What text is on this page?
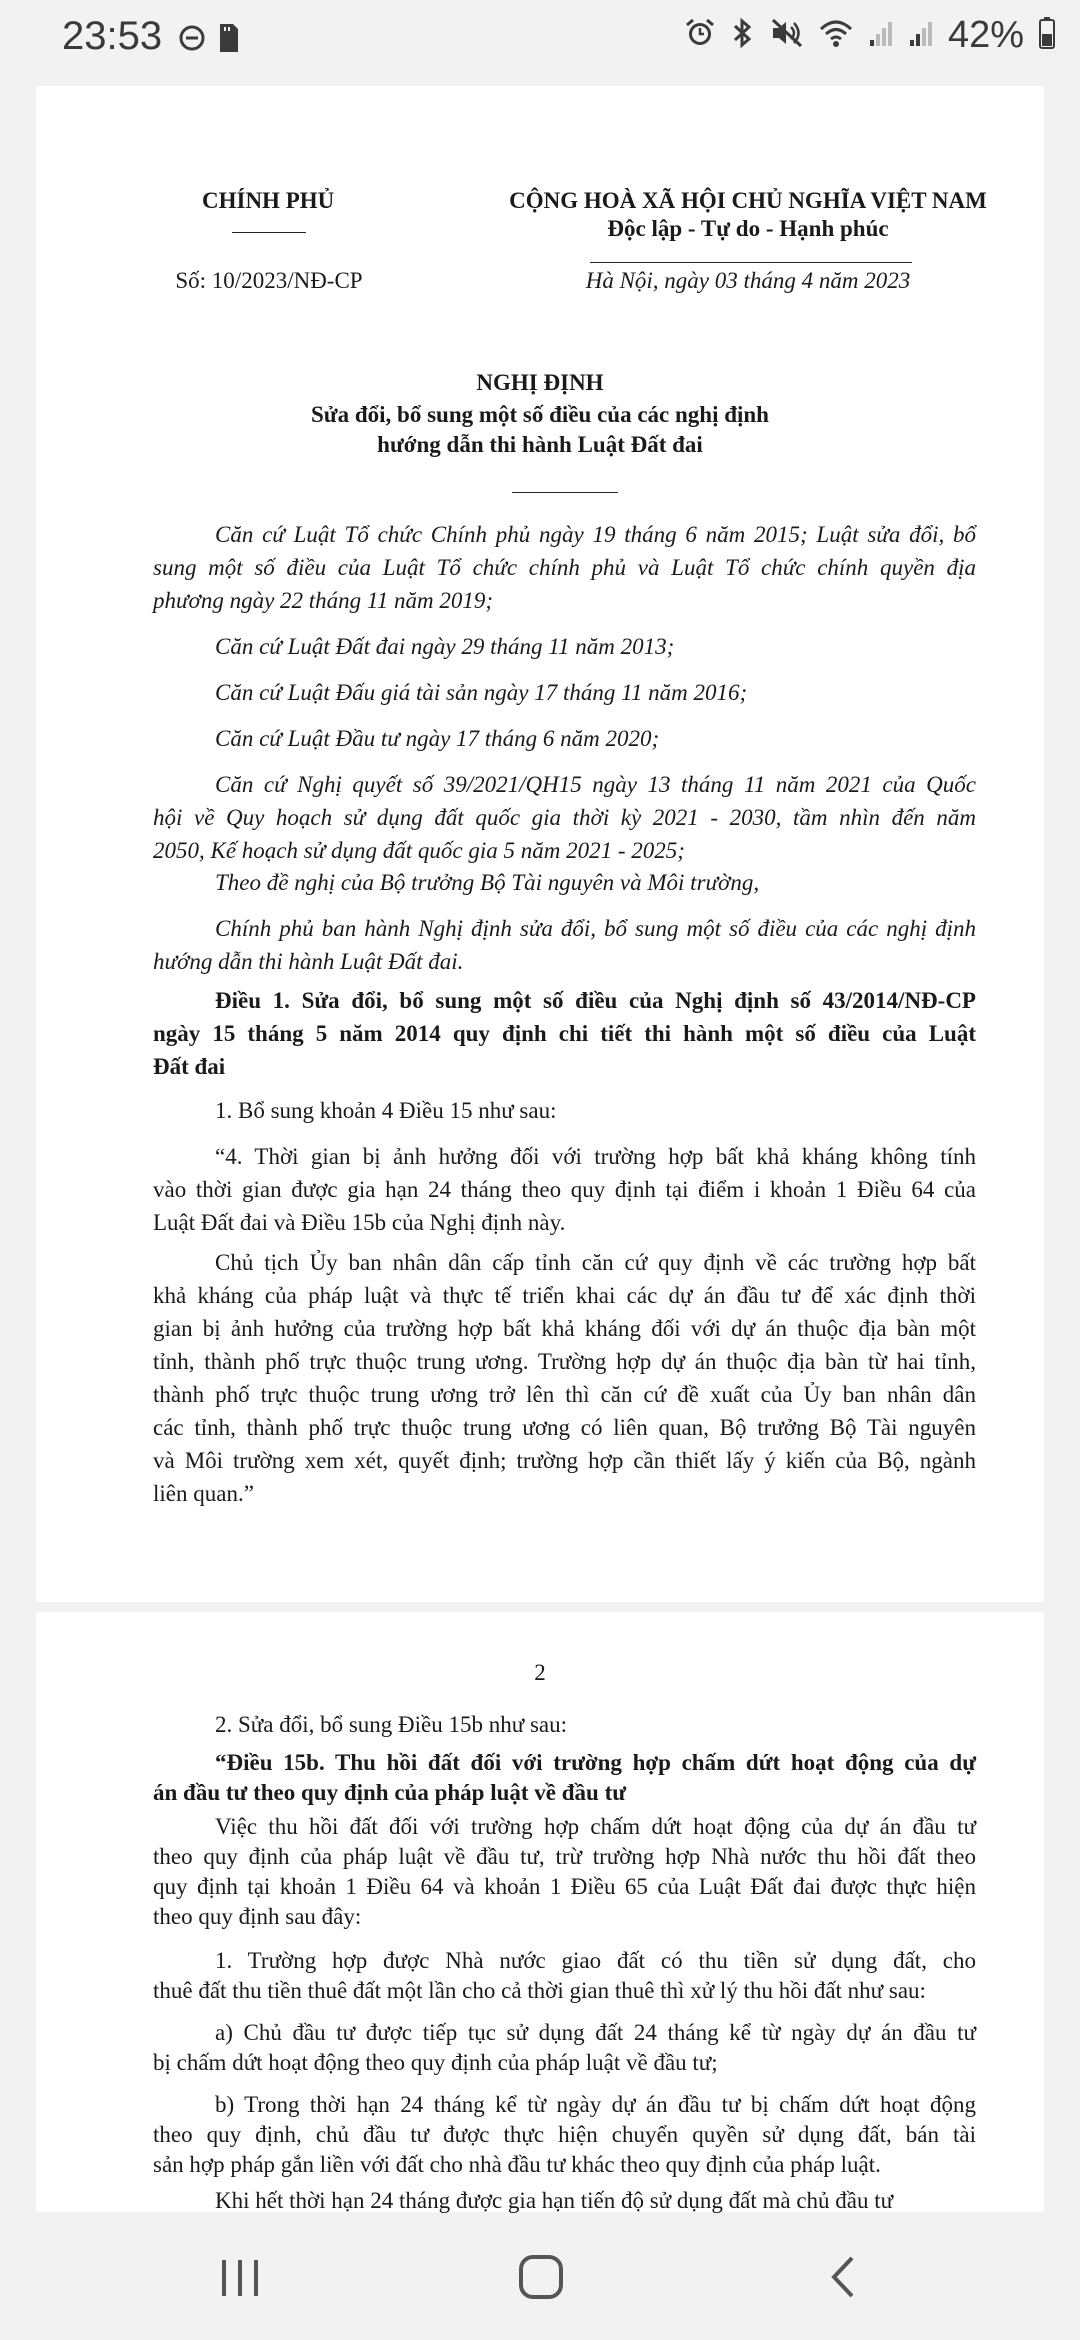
23:53	42%
CHÍNH PHỦ
Số: 10/2023/NĐ-CP
CỘNG HOÀ XÃ HỘI CHỦ NGHĨA VIỆT NAM
Độc lập - Tự do - Hạnh phúc
Hà Nội, ngày 03 tháng 4 năm 2023
NGHỊ ĐỊNH
Sửa đổi, bổ sung một số điều của các nghị định
hướng dẫn thi hành Luật Đất đai
Căn cứ Luật Tổ chức Chính phủ ngày 19 tháng 6 năm 2015; Luật sửa đổi, bổ
sung một số điều của Luật Tổ chức chính phủ và Luật Tổ chức chính quyền địa
phương ngày 22 tháng 11 năm 2019;
Căn cứ Luật Đất đai ngày 29 tháng 11 năm 2013;
Căn cứ Luật Đấu giá tài sản ngày 17 tháng 11 năm 2016;
Căn cứ Luật Đầu tư ngày 17 tháng 6 năm 2020;
Căn cứ Nghị quyết số 39/2021/QH15 ngày 13 tháng 11 năm 2021 của Quốc
hội về Quy hoạch sử dụng đất quốc gia thời kỳ 2021 - 2030, tầm nhìn đến năm
2050, Kế hoạch sử dụng đất quốc gia 5 năm 2021 - 2025;
Theo đề nghị của Bộ trưởng Bộ Tài nguyên và Môi trường,
Chính phủ ban hành Nghị định sửa đổi, bổ sung một số điều của các nghị định
hướng dẫn thi hành Luật Đất đai.
Điều 1. Sửa đổi, bổ sung một số điều của Nghị định số 43/2014/NĐ-CP
ngày 15 tháng 5 năm 2014 quy định chi tiết thi hành một số điều của Luật
Đất đai
1. Bổ sung khoản 4 Điều 15 như sau:
“4. Thời gian bị ảnh hưởng đối với trường hợp bất khả kháng không tính
vào thời gian được gia hạn 24 tháng theo quy định tại điểm i khoản 1 Điều 64 của
Luật Đất đai và Điều 15b của Nghị định này.
Chủ tịch Ủy ban nhân dân cấp tỉnh căn cứ quy định về các trường hợp bất
khả kháng của pháp luật và thực tế triển khai các dự án đầu tư để xác định thời
gian bị ảnh hưởng của trường hợp bất khả kháng đối với dự án thuộc địa bàn một
tỉnh, thành phố trực thuộc trung ương. Trường hợp dự án thuộc địa bàn từ hai tỉnh,
thành phố trực thuộc trung ương trở lên thì căn cứ đề xuất của Ủy ban nhân dân
các tỉnh, thành phố trực thuộc trung ương có liên quan, Bộ trưởng Bộ Tài nguyên
và Môi trường xem xét, quyết định; trường hợp cần thiết lấy ý kiến của Bộ, ngành
liên quan.”
2
2. Sửa đổi, bổ sung Điều 15b như sau:
“Điều 15b. Thu hồi đất đối với trường hợp chấm dứt hoạt động của dự
án đầu tư theo quy định của pháp luật về đầu tư
Việc thu hồi đất đối với trường hợp chấm dứt hoạt động của dự án đầu tư
theo quy định của pháp luật về đầu tư, trừ trường hợp Nhà nước thu hồi đất theo
quy định tại khoản 1 Điều 64 và khoản 1 Điều 65 của Luật Đất đai được thực hiện
theo quy định sau đây:
1. Trường hợp được Nhà nước giao đất có thu tiền sử dụng đất, cho
thuê đất thu tiền thuê đất một lần cho cả thời gian thuê thì xử lý thu hồi đất như sau:
a) Chủ đầu tư được tiếp tục sử dụng đất 24 tháng kể từ ngày dự án đầu tư
bị chấm dứt hoạt động theo quy định của pháp luật về đầu tư;
b) Trong thời hạn 24 tháng kể từ ngày dự án đầu tư bị chấm dứt hoạt động
theo quy định, chủ đầu tư được thực hiện chuyển quyền sử dụng đất, bán tài
sản hợp pháp gắn liền với đất cho nhà đầu tư khác theo quy định của pháp luật.
Khi hết thời hạn 24 tháng được gia hạn tiến độ sử dụng đất mà chủ đầu tư
